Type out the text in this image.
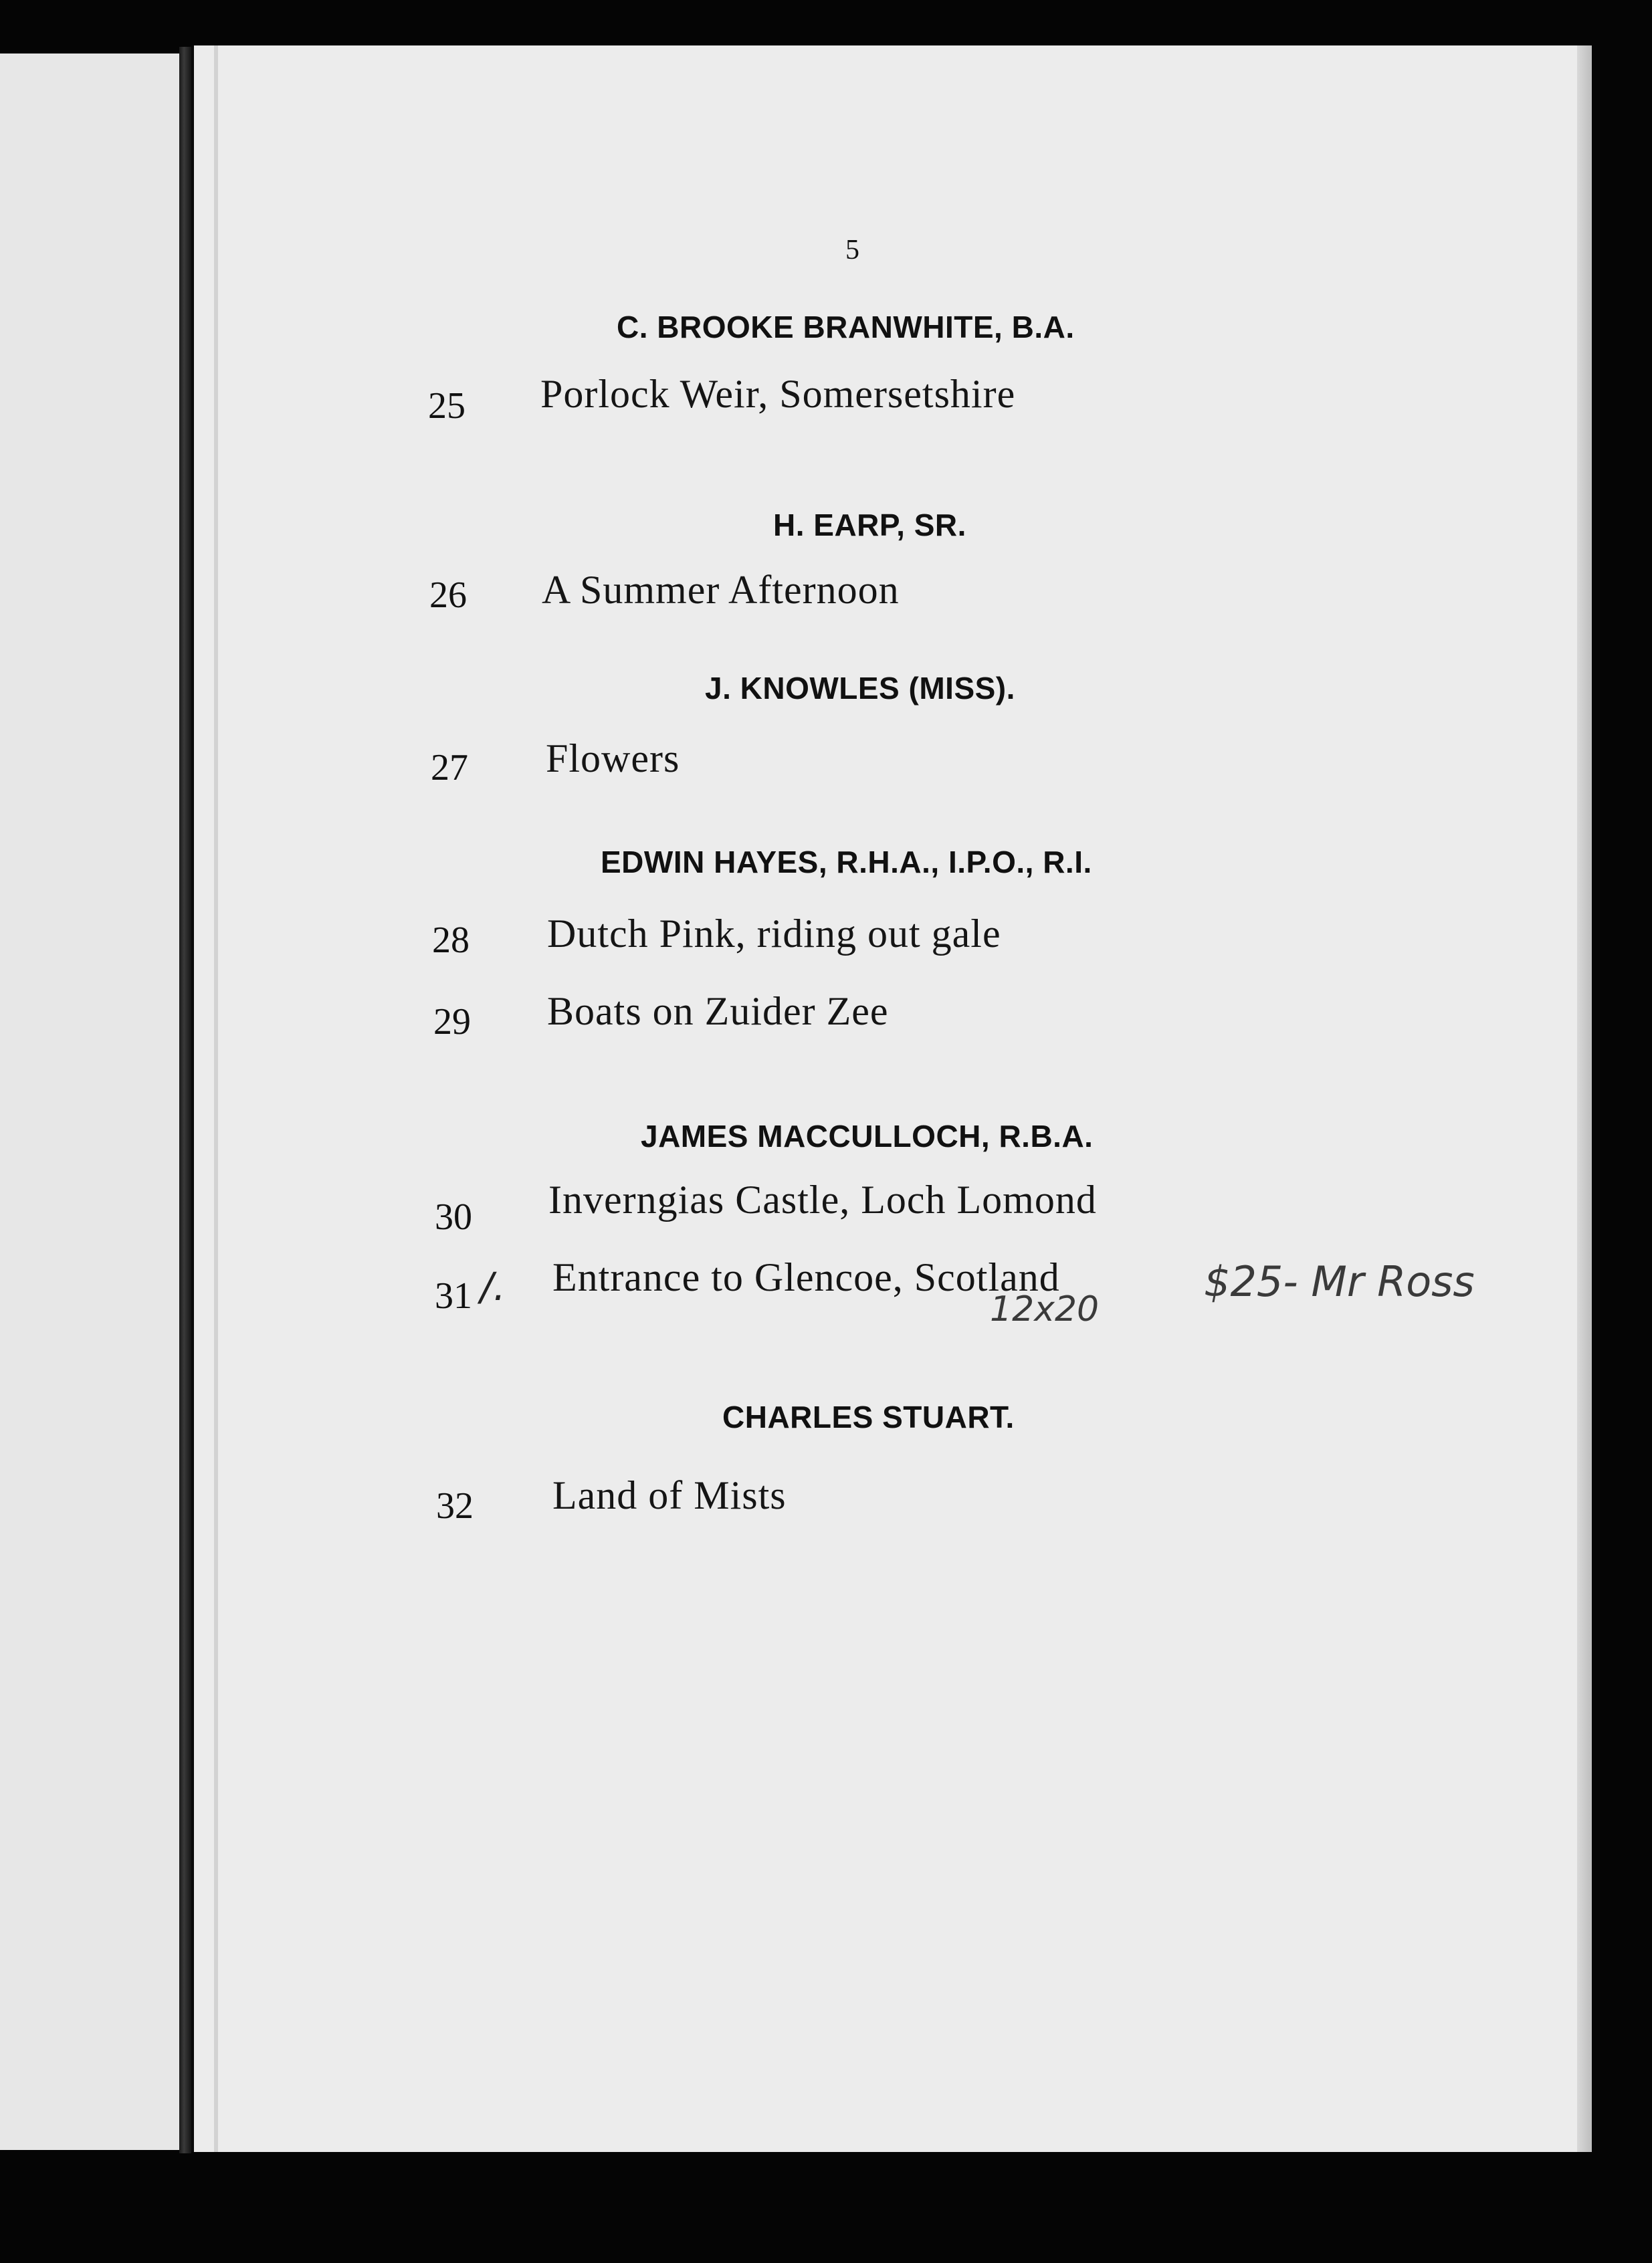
5
C. BROOKE BRANWHITE, B.A.
25 Porlock Weir, Somersetshire
H. EARP, SR.
26 A Summer Afternoon
J. KNOWLES (MISS).
27 Flowers
EDWIN HAYES, R.H.A., I.P.O., R.I.
28 Dutch Pink, riding out gale
29 Boats on Zuider Zee
JAMES MACCULLOCH, R.B.A.
30 Inverngias Castle, Loch Lomond
31 /. Entrance to Glencoe, Scotland	$25- Mr Ross
12x20
CHARLES STUART.
32 Land of Mists
